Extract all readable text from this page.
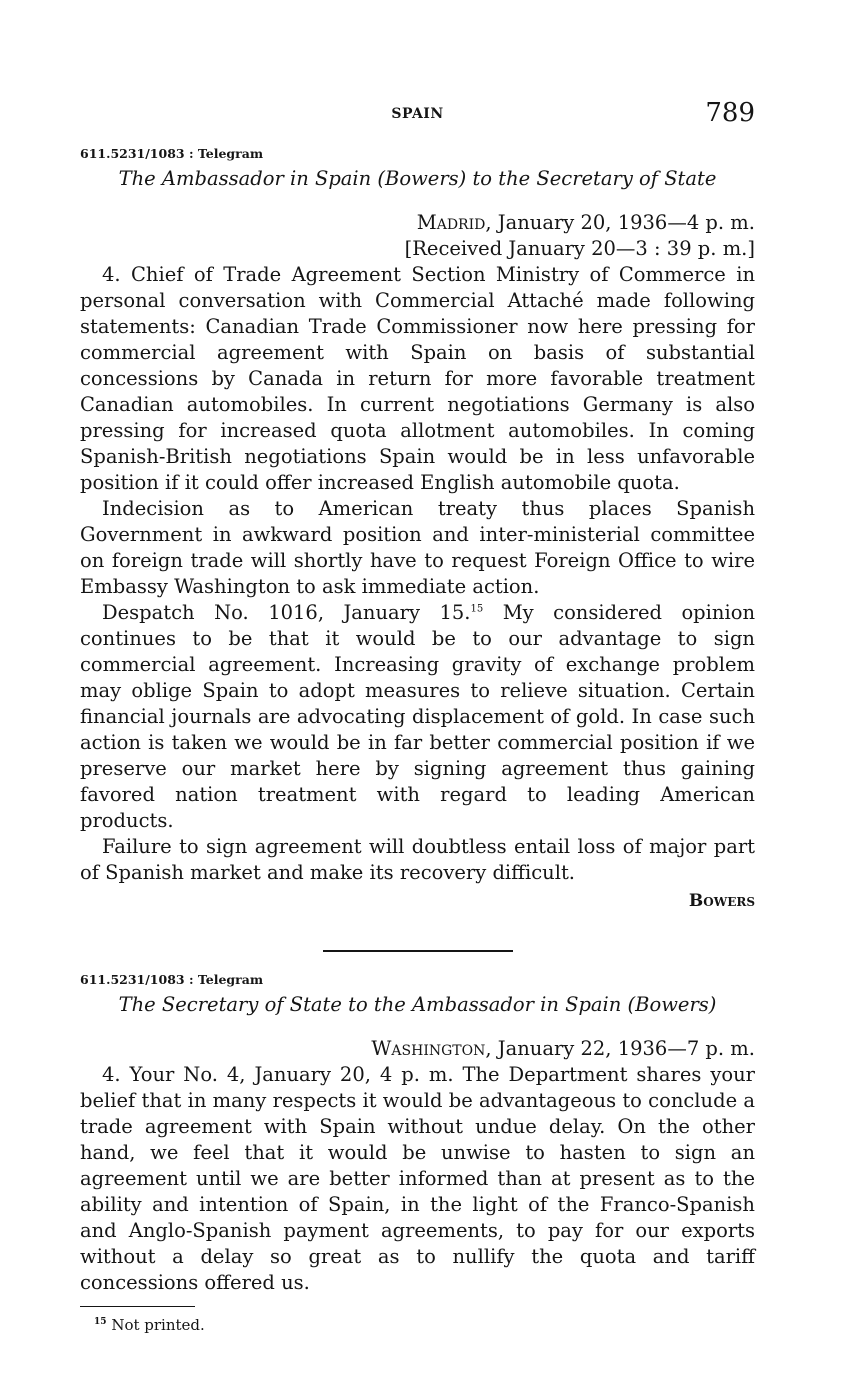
SPAIN	789
611.5231/1083 : Telegram
The Ambassador in Spain (Bowers) to the Secretary of State
Madrid, January 20, 1936—4 p. m.
[Received January 20—3 : 39 p. m.]

4. Chief of Trade Agreement Section Ministry of Commerce in personal conversation with Commercial Attaché made following statements: Canadian Trade Commissioner now here pressing for commercial agreement with Spain on basis of substantial concessions by Canada in return for more favorable treatment Canadian automobiles. In current negotiations Germany is also pressing for increased quota allotment automobiles. In coming Spanish-British negotiations Spain would be in less unfavorable position if it could offer increased English automobile quota.

Indecision as to American treaty thus places Spanish Government in awkward position and inter-ministerial committee on foreign trade will shortly have to request Foreign Office to wire Embassy Washington to ask immediate action.

Despatch No. 1016, January 15.15 My considered opinion continues to be that it would be to our advantage to sign commercial agreement. Increasing gravity of exchange problem may oblige Spain to adopt measures to relieve situation. Certain financial journals are advocating displacement of gold. In case such action is taken we would be in far better commercial position if we preserve our market here by signing agreement thus gaining favored nation treatment with regard to leading American products.

Failure to sign agreement will doubtless entail loss of major part of Spanish market and make its recovery difficult.

Bowers
611.5231/1083 : Telegram
The Secretary of State to the Ambassador in Spain (Bowers)
Washington, January 22, 1936—7 p. m.

4. Your No. 4, January 20, 4 p. m. The Department shares your belief that in many respects it would be advantageous to conclude a trade agreement with Spain without undue delay. On the other hand, we feel that it would be unwise to hasten to sign an agreement until we are better informed than at present as to the ability and intention of Spain, in the light of the Franco-Spanish and Anglo-Spanish payment agreements, to pay for our exports without a delay so great as to nullify the quota and tariff concessions offered us.

$^{15}$ Not printed.
